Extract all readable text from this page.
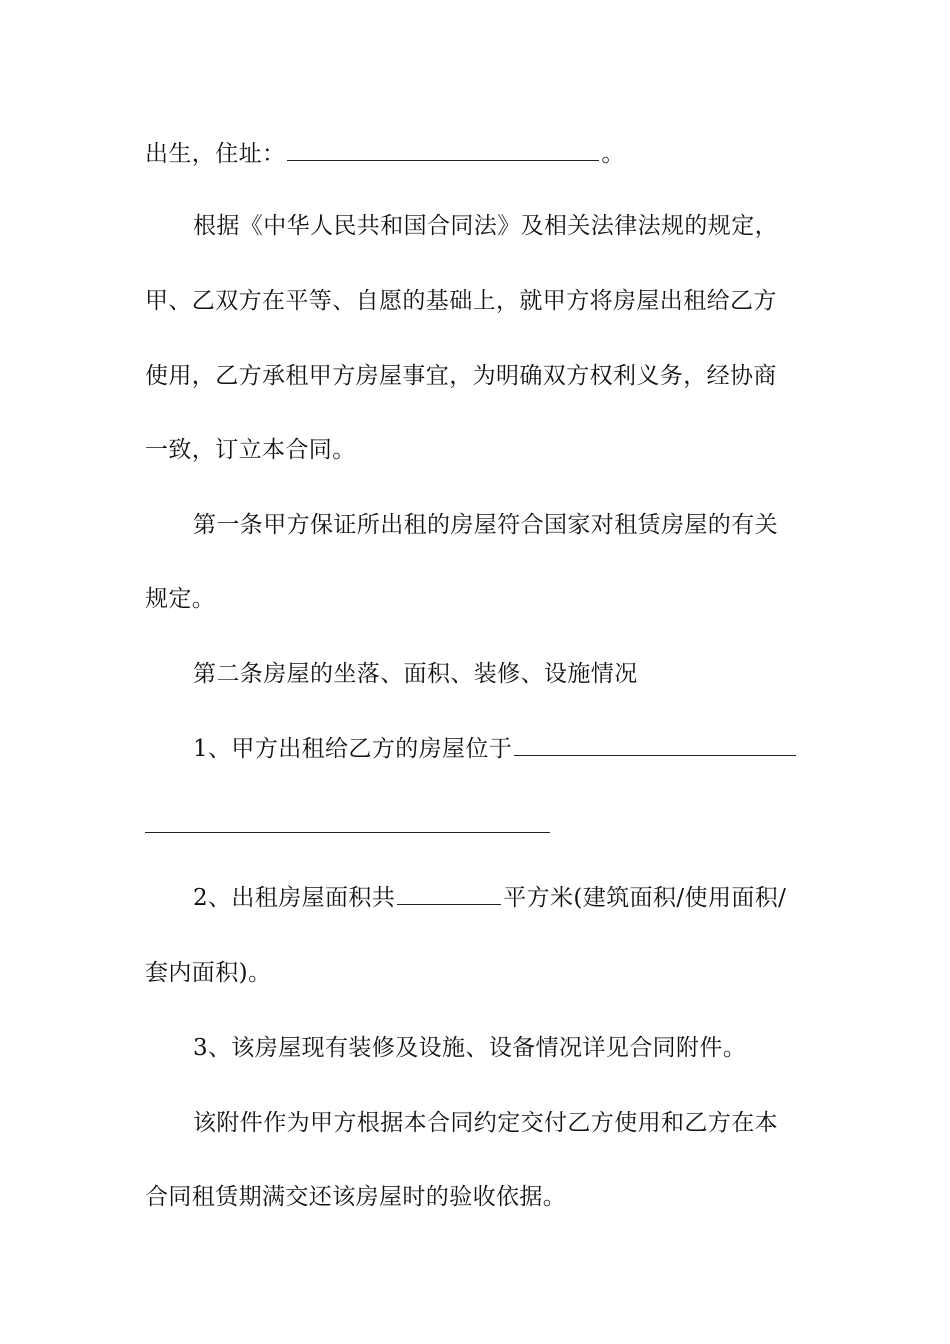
出生，住址：	。
根据《中华人民共和国合同法》及相关法律法规的规定，
甲、乙双方在平等、自愿的基础上，就甲方将房屋出租给乙方
使用，乙方承租甲方房屋事宜，为明确双方权利义务，经协商
一致，订立本合同。
第一条甲方保证所出租的房屋符合国家对租赁房屋的有关
规定。
第二条房屋的坐落、面积、装修、设施情况
1、甲方出租给乙方的房屋位于
2、出租房屋面积共	平方米(建筑面积/使用面积/
套内面积)。
3、该房屋现有装修及设施、设备情况详见合同附件。
该附件作为甲方根据本合同约定交付乙方使用和乙方在本
合同租赁期满交还该房屋时的验收依据。
